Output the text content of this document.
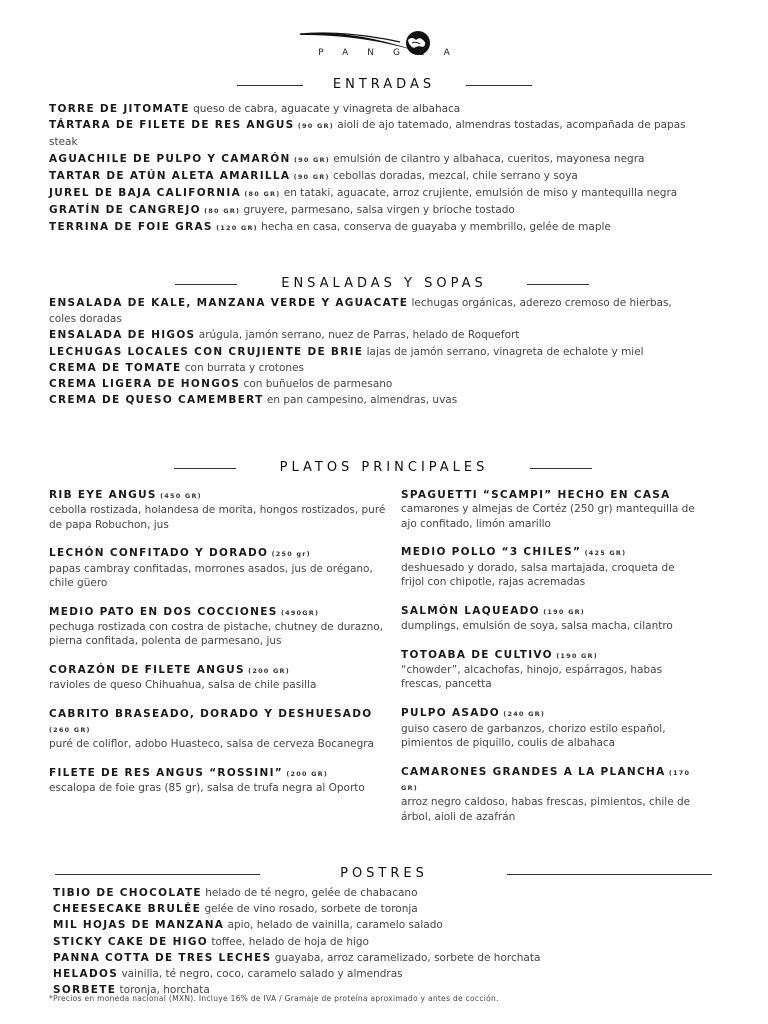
PANGEA
ENTRADAS
TORRE DE JITOMATE queso de cabra, aguacate y vinagreta de albahaca
TÁRTARA DE FILETE DE RES ANGUS (90 GR) aioli de ajo tatemado, almendras tostadas, acompañada de papas steak
AGUACHILE DE PULPO Y CAMARÓN (90 GR) emulsión de cilantro y albahaca, cueritos, mayonesa negra
TARTAR DE ATÚN ALETA AMARILLA (90 GR) cebollas doradas, mezcal, chile serrano y soya
JUREL DE BAJA CALIFORNIA (80 GR) en tataki, aguacate, arroz crujiente, emulsión de miso y mantequilla negra
GRATÍN DE CANGREJO (80 GR) gruyere, parmesano, salsa virgen y brioche tostado
TERRINA DE FOIE GRAS (120 GR) hecha en casa, conserva de guayaba y membrillo, gelée de maple
ENSALADAS Y SOPAS
ENSALADA DE KALE, MANZANA VERDE Y AGUACATE lechugas orgánicas, aderezo cremoso de hierbas, coles doradas
ENSALADA DE HIGOS arúgula, jamón serrano, nuez de Parras, helado de Roquefort
LECHUGAS LOCALES CON CRUJIENTE DE BRIE lajas de jamón serrano, vinagreta de echalote y miel
CREMA DE TOMATE con burrata y crotones
CREMA LIGERA DE HONGOS con buñuelos de parmesano
CREMA DE QUESO CAMEMBERT en pan campesino, almendras, uvas
PLATOS PRINCIPALES
RIB EYE ANGUS (450 GR)
cebolla rostizada, holandesa de morita, hongos rostizados, puré de papa Robuchon, jus
LECHÓN CONFITADO Y DORADO (250 gr)
papas cambray confitadas, morrones asados, jus de orégano, chile güero
MEDIO PATO EN DOS COCCIONES (490GR)
pechuga rostizada con costra de pistache, chutney de durazno, pierna confitada, polenta de parmesano, jus
CORAZÓN DE FILETE ANGUS (200 GR)
ravioles de queso Chihuahua, salsa de chile pasilla
CABRITO BRASEADO, DORADO Y DESHUESADO (260 GR)
puré de coliflor, adobo Huasteco, salsa de cerveza Bocanegra
FILETE DE RES ANGUS “ROSSINI” (200 GR)
escalopa de foie gras (85 gr), salsa de trufa negra al Oporto
SPAGUETTI “SCAMPI” HECHO EN CASA
camarones y almejas de Cortéz (250 gr) mantequilla de ajo confitado, limón amarillo
MEDIO POLLO “3 CHILES” (425 GR)
deshuesado y dorado, salsa martajada, croqueta de frijol con chipotle, rajas acremadas
SALMÓN LAQUEADO (190 GR)
dumplings, emulsión de soya, salsa macha, cilantro
TOTOABA DE CULTIVO (190 GR)
“chowder”, alcachofas, hinojo, espárragos, habas frescas, pancetta
PULPO ASADO (240 GR)
guiso casero de garbanzos, chorizo estilo español, pimientos de piquillo, coulis de albahaca
CAMARONES GRANDES A LA PLANCHA (170 GR)
arroz negro caldoso, habas frescas, pimientos, chile de árbol, aioli de azafrán
POSTRES
TIBIO DE CHOCOLATE helado de té negro, gelée de chabacano
CHEESECAKE BRULÉE gelée de vino rosado, sorbete de toronja
MIL HOJAS DE MANZANA apio, helado de vainilla, caramelo salado
STICKY CAKE DE HIGO toffee, helado de hoja de higo
PANNA COTTA DE TRES LECHES guayaba, arroz caramelizado, sorbete de horchata
HELADOS vainilla, té negro, coco, caramelo salado y almendras
SORBETE toronja, horchata
*Precios en moneda nacional (MXN). Incluye 16% de IVA / Gramaje de proteína aproximado y antes de cocción.
